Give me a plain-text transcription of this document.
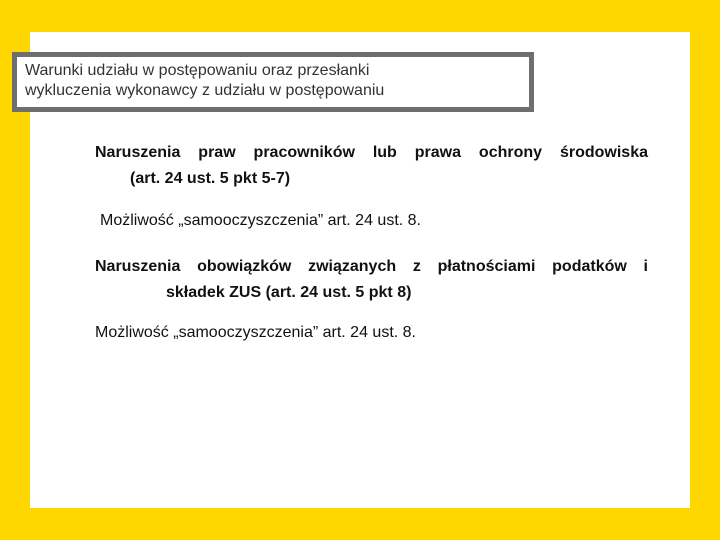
Warunki udziału w postępowaniu oraz przesłanki
wykluczenia wykonawcy z udziału w postępowaniu
Naruszenia praw pracowników lub prawa ochrony środowiska
(art. 24 ust. 5 pkt 5-7)
Możliwość „samooczyszczenia” art. 24 ust. 8.
Naruszenia obowiązków związanych z płatnościami podatków i
składek ZUS (art. 24 ust. 5 pkt 8)
Możliwość „samooczyszczenia” art. 24 ust. 8.
